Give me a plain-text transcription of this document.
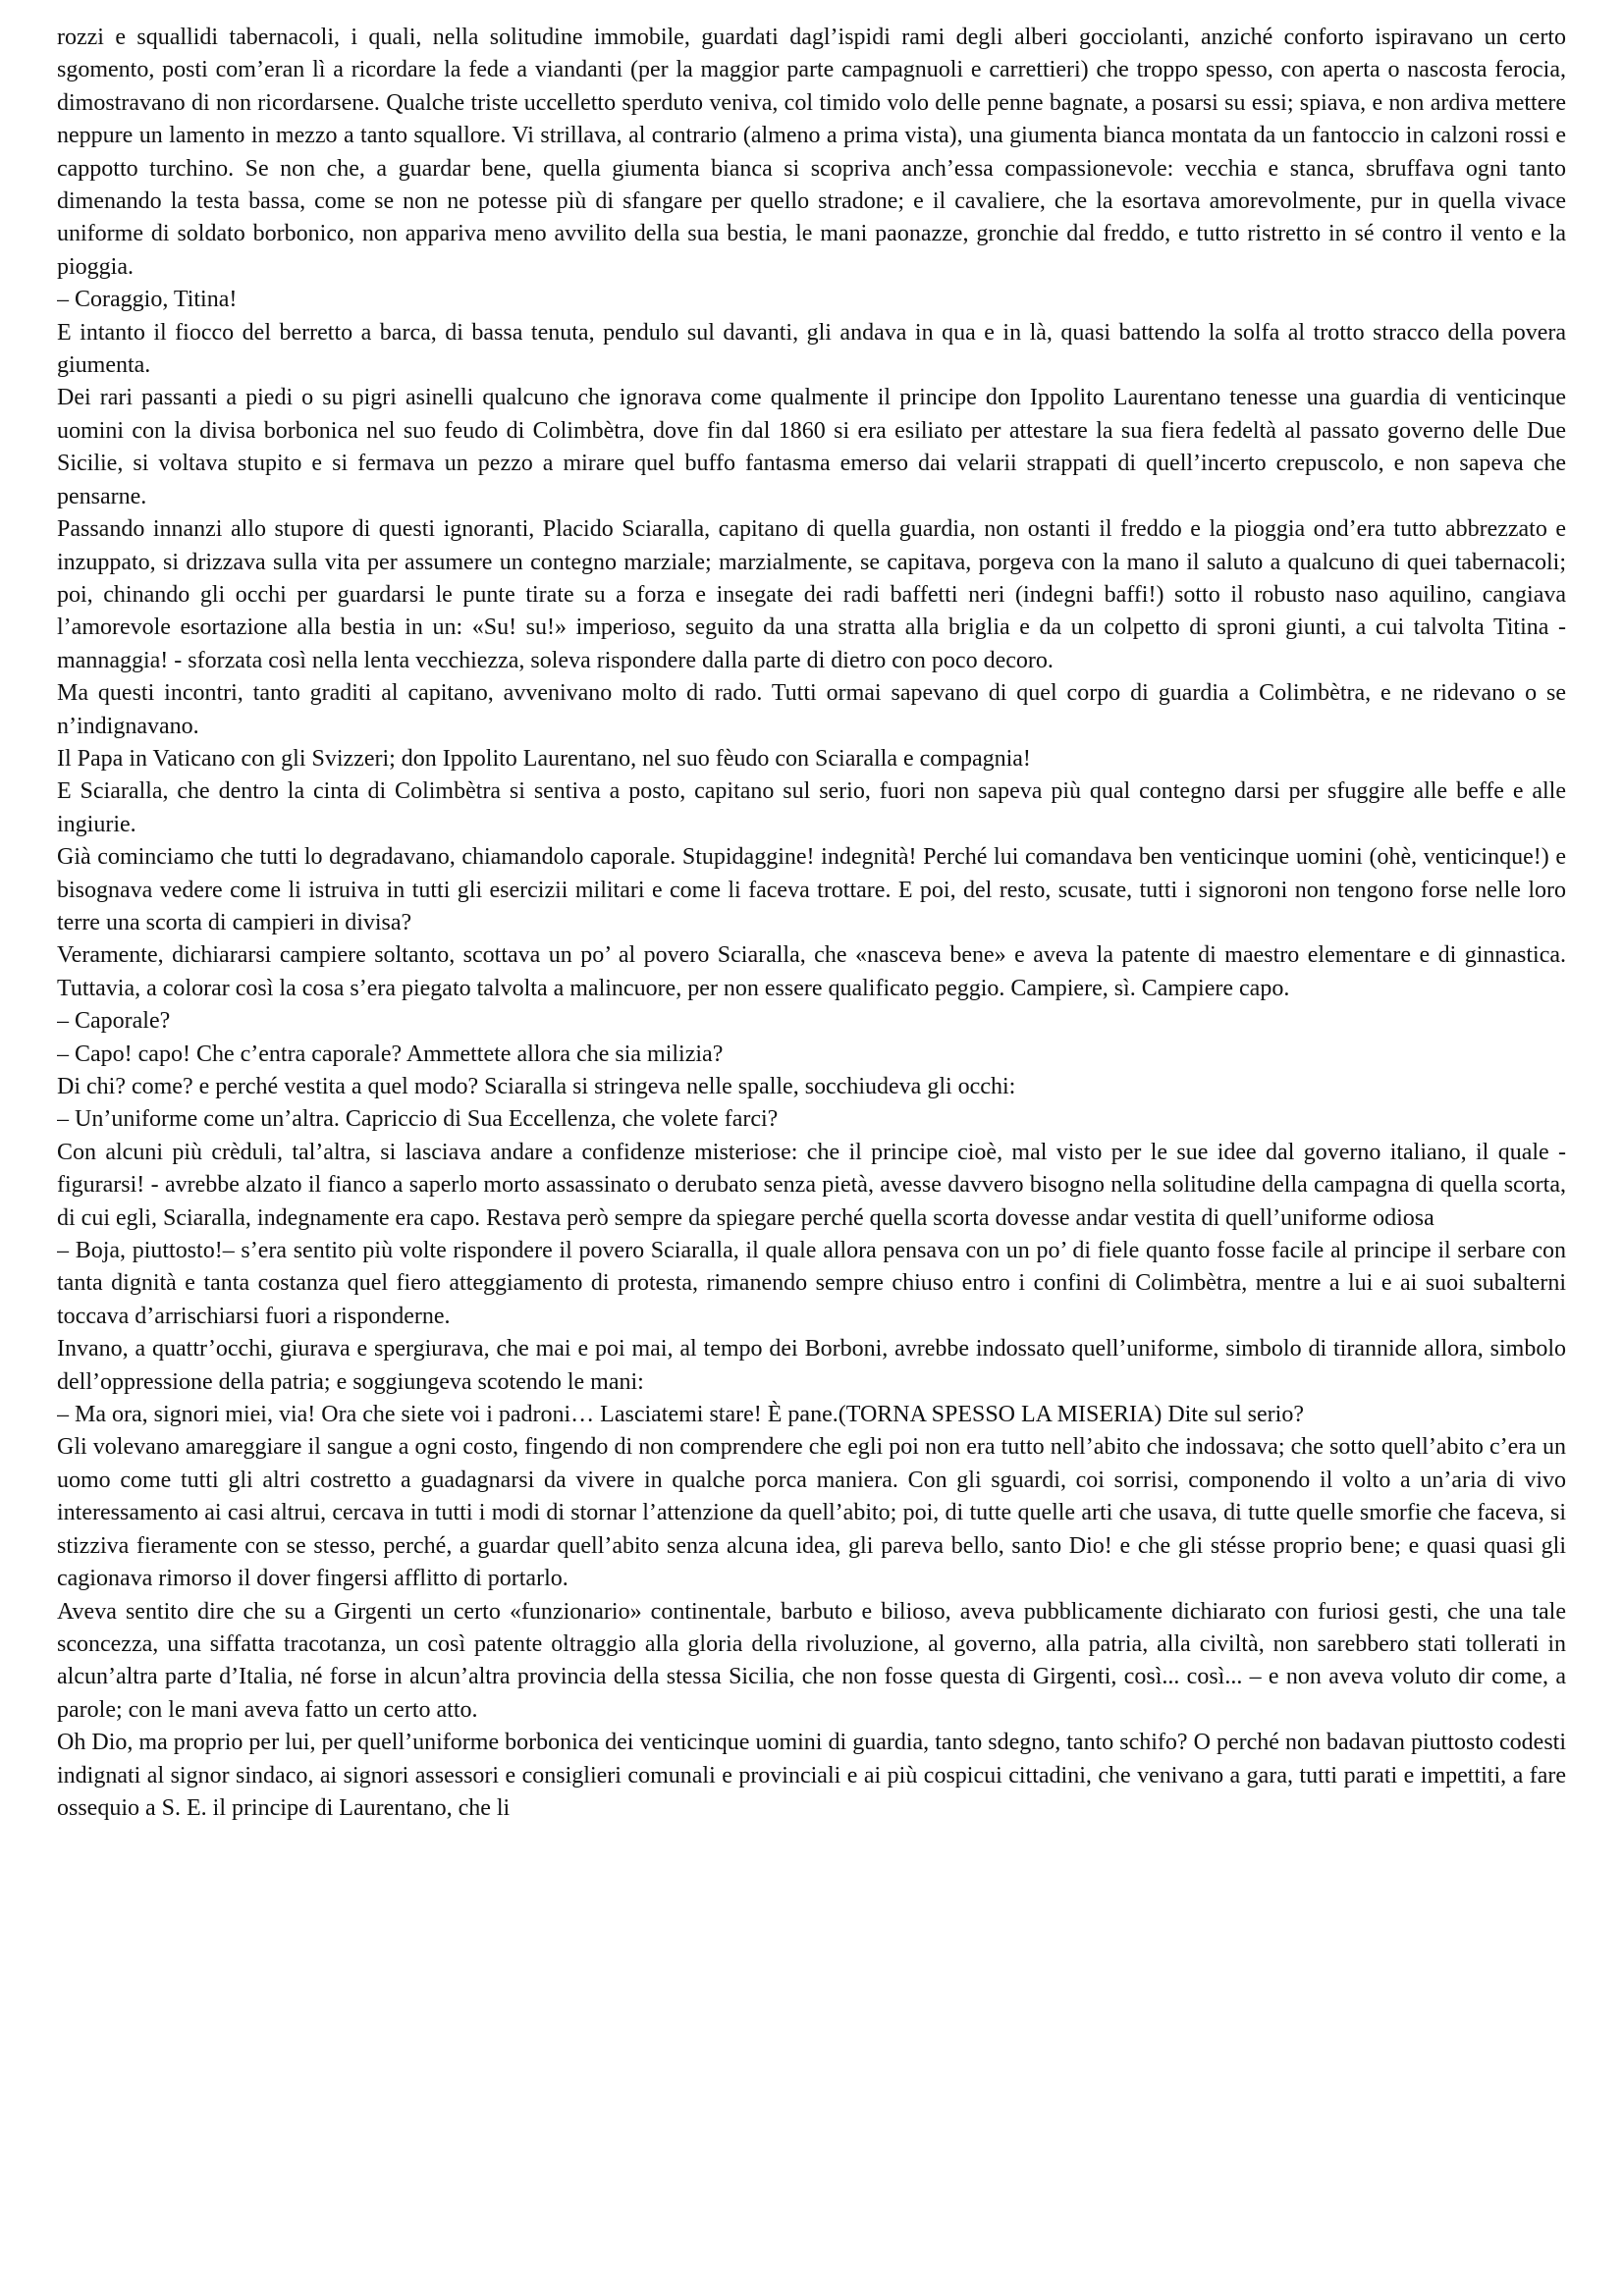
rozzi e squallidi tabernacoli, i quali, nella solitudine immobile, guardati dagl’ispidi rami degli alberi gocciolanti, anziché conforto ispiravano un certo sgomento, posti com’eran lì a ricordare la fede a viandanti (per la maggior parte campagnuoli e carrettieri) che troppo spesso, con aperta o nascosta ferocia, dimostravano di non ricordarsene. Qualche triste uccelletto sperduto veniva, col timido volo delle penne bagnate, a posarsi su essi; spiava, e non ardiva mettere neppure un lamento in mezzo a tanto squallore. Vi strillava, al contrario (almeno a prima vista), una giumenta bianca montata da un fantoccio in calzoni rossi e cappotto turchino. Se non che, a guardar bene, quella giumenta bianca si scopriva anch’essa compassionevole: vecchia e stanca, sbruffava ogni tanto dimenando la testa bassa, come se non ne potesse più di sfangare per quello stradone; e il cavaliere, che la esortava amorevolmente, pur in quella vivace uniforme di soldato borbonico, non appariva meno avvilito della sua bestia, le mani paonazze, gronchie dal freddo, e tutto ristretto in sé contro il vento e la pioggia.

– Coraggio, Titina!

E intanto il fiocco del berretto a barca, di bassa tenuta, pendulo sul davanti, gli andava in qua e in là, quasi battendo la solfa al trotto stracco della povera giumenta.

Dei rari passanti a piedi o su pigri asinelli qualcuno che ignorava come qualmente il principe don Ippolito Laurentano tenesse una guardia di venticinque uomini con la divisa borbonica nel suo feudo di Colimbètra, dove fin dal 1860 si era esiliato per attestare la sua fiera fedeltà al passato governo delle Due Sicilie, si voltava stupito e si fermava un pezzo a mirare quel buffo fantasma emerso dai velarii strappati di quell’incerto crepuscolo, e non sapeva che pensarne.

Passando innanzi allo stupore di questi ignoranti, Placido Sciaralla, capitano di quella guardia, non ostanti il freddo e la pioggia ond’era tutto abbrezzato e inzuppato, si drizzava sulla vita per assumere un contegno marziale; marzialmente, se capitava, porgeva con la mano il saluto a qualcuno di quei tabernacoli; poi, chinando gli occhi per guardarsi le punte tirate su a forza e insegate dei radi baffetti neri (indegni baffi!) sotto il robusto naso aquilino, cangiava l’amorevole esortazione alla bestia in un: «Su! su!» imperioso, seguito da una stratta alla briglia e da un colpetto di sproni giunti, a cui talvolta Titina - mannaggia! - sforzata così nella lenta vecchiezza, soleva rispondere dalla parte di dietro con poco decoro.

Ma questi incontri, tanto graditi al capitano, avvenivano molto di rado. Tutti ormai sapevano di quel corpo di guardia a Colimbètra, e ne ridevano o se n’indignavano.

Il Papa in Vaticano con gli Svizzeri; don Ippolito Laurentano, nel suo fèudo con Sciaralla e compagnia!

E Sciaralla, che dentro la cinta di Colimbètra si sentiva a posto, capitano sul serio, fuori non sapeva più qual contegno darsi per sfuggire alle beffe e alle ingiurie.

Già cominciamo che tutti lo degradavano, chiamandolo caporale. Stupidaggine! indegnità! Perché lui comandava ben venticinque uomini (ohè, venticinque!) e bisognava vedere come li istruiva in tutti gli esercizii militari e come li faceva trottare. E poi, del resto, scusate, tutti i signoroni non tengono forse nelle loro terre una scorta di campieri in divisa?

Veramente, dichiararsi campiere soltanto, scottava un po’ al povero Sciaralla, che «nasceva bene» e aveva la patente di maestro elementare e di ginnastica. Tuttavia, a colorar così la cosa s’era piegato talvolta a malincuore, per non essere qualificato peggio. Campiere, sì. Campiere capo.

– Caporale?

– Capo! capo! Che c’entra caporale? Ammettete allora che sia milizia?

Di chi? come? e perché vestita a quel modo? Sciaralla si stringeva nelle spalle, socchiudeva gli occhi:

– Un’uniforme come un’altra. Capriccio di Sua Eccellenza, che volete farci?

Con alcuni più crèduli, tal’altra, si lasciava andare a confidenze misteriose: che il principe cioè, mal visto per le sue idee dal governo italiano, il quale - figurarsi! - avrebbe alzato il fianco a saperlo morto assassinato o derubato senza pietà, avesse davvero bisogno nella solitudine della campagna di quella scorta, di cui egli, Sciaralla, indegnamente era capo. Restava però sempre da spiegare perché quella scorta dovesse andar vestita di quell’uniforme odiosa

– Boja, piuttosto!– s’era sentito più volte rispondere il povero Sciaralla, il quale allora pensava con un po’ di fiele quanto fosse facile al principe il serbare con tanta dignità e tanta costanza quel fiero atteggiamento di protesta, rimanendo sempre chiuso entro i confini di Colimbètra, mentre a lui e ai suoi subalterni toccava d’arrischiarsi fuori a risponderne.

Invano, a quattr’occhi, giurava e spergiurava, che mai e poi mai, al tempo dei Borboni, avrebbe indossato quell’uniforme, simbolo di tirannide allora, simbolo dell’oppressione della patria; e soggiungeva scotendo le mani:

– Ma ora, signori miei, via! Ora che siete voi i padroni… Lasciatemi stare! È pane.(TORNA SPESSO LA MISERIA) Dite sul serio?

Gli volevano amareggiare il sangue a ogni costo, fingendo di non comprendere che egli poi non era tutto nell’abito che indossava; che sotto quell’abito c’era un uomo come tutti gli altri costretto a guadagnarsi da vivere in qualche porca maniera. Con gli sguardi, coi sorrisi, componendo il volto a un’aria di vivo interessamento ai casi altrui, cercava in tutti i modi di stornar l’attenzione da quell’abito; poi, di tutte quelle arti che usava, di tutte quelle smorfie che faceva, si stizziva fieramente con se stesso, perché, a guardar quell’abito senza alcuna idea, gli pareva bello, santo Dio! e che gli stésse proprio bene; e quasi quasi gli cagionava rimorso il dover fingersi afflitto di portarlo.

Aveva sentito dire che su a Girgenti un certo «funzionario» continentale, barbuto e bilioso, aveva pubblicamente dichiarato con furiosi gesti, che una tale sconcezza, una siffatta tracotanza, un così patente oltraggio alla gloria della rivoluzione, al governo, alla patria, alla civiltà, non sarebbero stati tollerati in alcun’altra parte d’Italia, né forse in alcun’altra provincia della stessa Sicilia, che non fosse questa di Girgenti, così... così... – e non aveva voluto dir come, a parole; con le mani aveva fatto un certo atto.

Oh Dio, ma proprio per lui, per quell’uniforme borbonica dei venticinque uomini di guardia, tanto sdegno, tanto schifo? O perché non badavan piuttosto codesti indignati al signor sindaco, ai signori assessori e consiglieri comunali e provinciali e ai più cospicui cittadini, che venivano a gara, tutti parati e impettiti, a fare ossequio a S. E. il principe di Laurentano, che li
